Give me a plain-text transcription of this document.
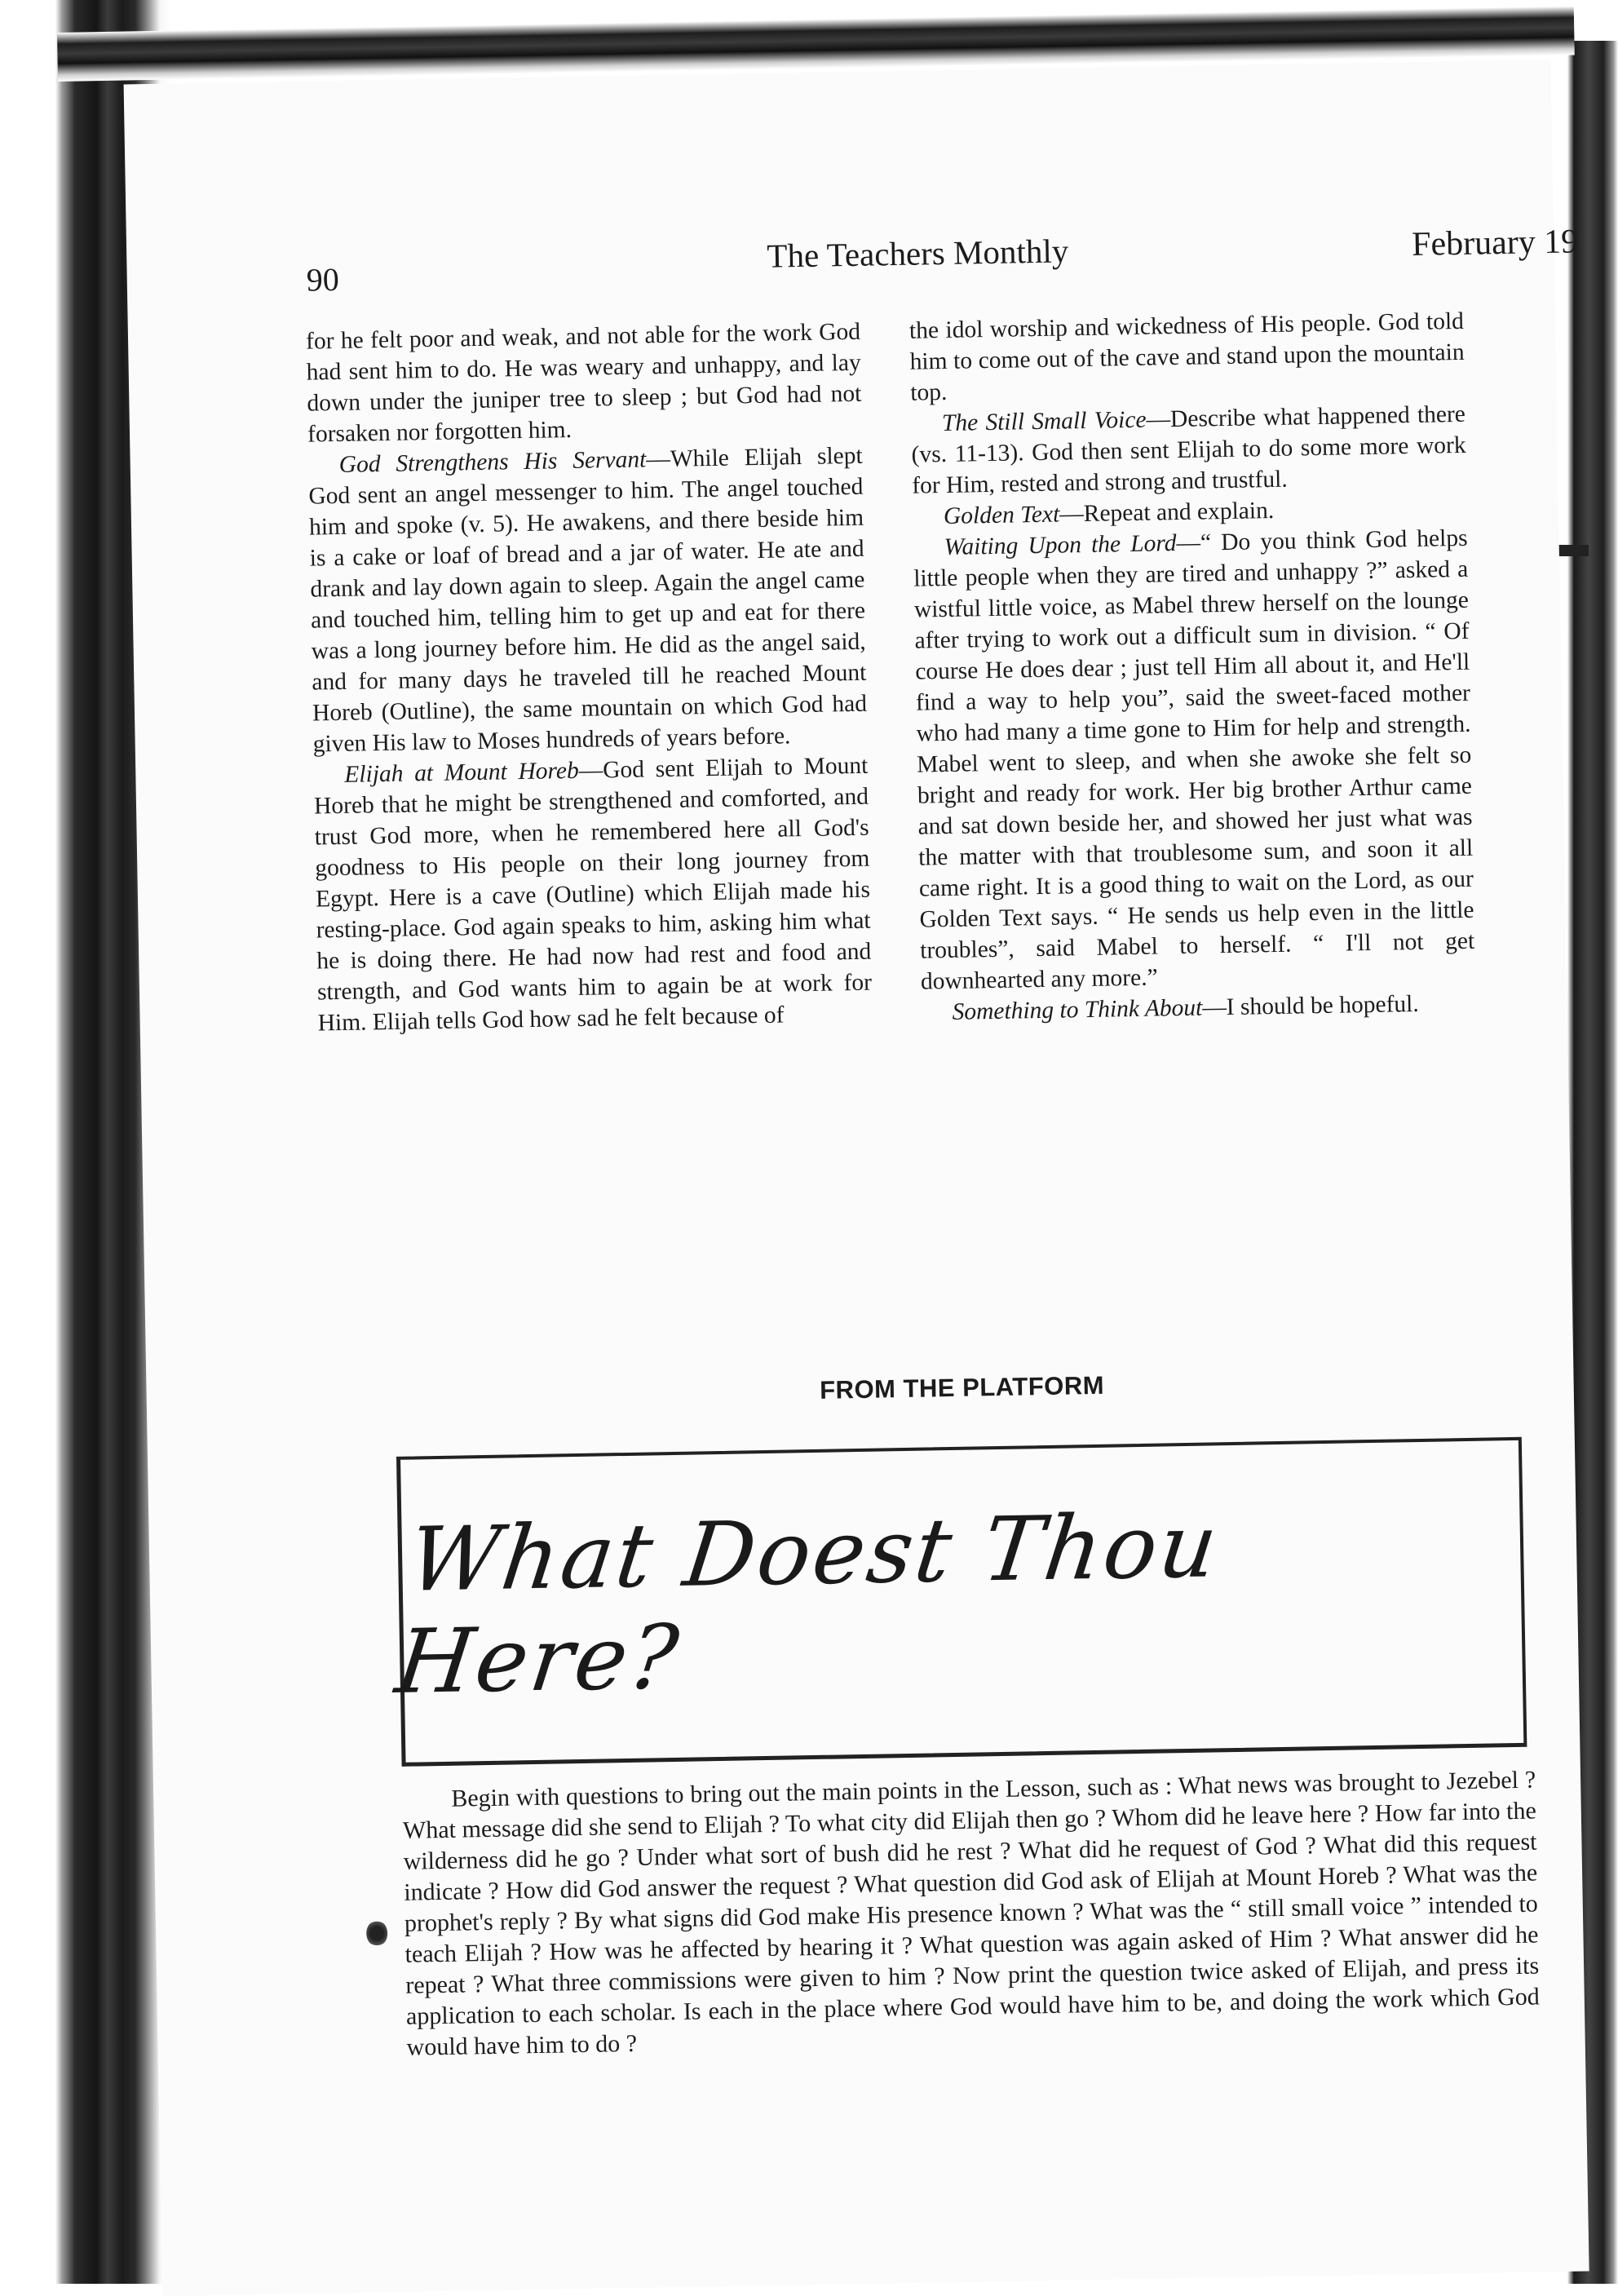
90
The Teachers Monthly	February 19

for he felt poor and weak, and not able for the work God had sent him to do. He was weary and unhappy, and lay down under the juniper tree to sleep ; but God had not forsaken nor forgotten him.

God Strengthens His Servant—While Elijah slept God sent an angel messenger to him. The angel touched him and spoke (v. 5). He awakens, and there beside him is a cake or loaf of bread and a jar of water. He ate and drank and lay down again to sleep. Again the angel came and touched him, telling him to get up and eat for there was a long journey before him. He did as the angel said, and for many days he traveled till he reached Mount Horeb (Outline), the same mountain on which God had given His law to Moses hundreds of years before.

Elijah at Mount Horeb—God sent Elijah to Mount Horeb that he might be strengthened and comforted, and trust God more, when he remembered here all God's goodness to His people on their long journey from Egypt. Here is a cave (Outline) which Elijah made his resting-place. God again speaks to him, asking him what he is doing there. He had now had rest and food and strength, and God wants him to again be at work for Him. Elijah tells God how sad he felt because of

the idol worship and wickedness of His people. God told him to come out of the cave and stand upon the mountain top.

The Still Small Voice—Describe what happened there (vs. 11-13). God then sent Elijah to do some more work for Him, rested and strong and trustful.

Golden Text—Repeat and explain.

Waiting Upon the Lord—“ Do you think God helps little people when they are tired and unhappy ?” asked a wistful little voice, as Mabel threw herself on the lounge after trying to work out a difficult sum in division. “ Of course He does dear ; just tell Him all about it, and He'll find a way to help you”, said the sweet-faced mother who had many a time gone to Him for help and strength. Mabel went to sleep, and when she awoke she felt so bright and ready for work. Her big brother Arthur came and sat down beside her, and showed her just what was the matter with that troublesome sum, and soon it all came right. It is a good thing to wait on the Lord, as our Golden Text says. “ He sends us help even in the little troubles”, said Mabel to herself. “ I'll not get downhearted any more.”

Something to Think About—I should be hopeful.

FROM THE PLATFORM
What Doest Thou Here?

Begin with questions to bring out the main points in the Lesson, such as : What news was brought to Jezebel ? What message did she send to Elijah ? To what city did Elijah then go ? Whom did he leave here ? How far into the wilderness did he go ? Under what sort of bush did he rest ? What did he request of God ? What did this request indicate ? How did God answer the request ? What question did God ask of Elijah at Mount Horeb ? What was the prophet's reply ? By what signs did God make His presence known ? What was the “ still small voice ” intended to teach Elijah ? How was he affected by hearing it ? What question was again asked of Him ? What answer did he repeat ? What three commissions were given to him ? Now print the question twice asked of Elijah, and press its application to each scholar. Is each in the place where God would have him to be, and doing the work which God would have him to do ?
